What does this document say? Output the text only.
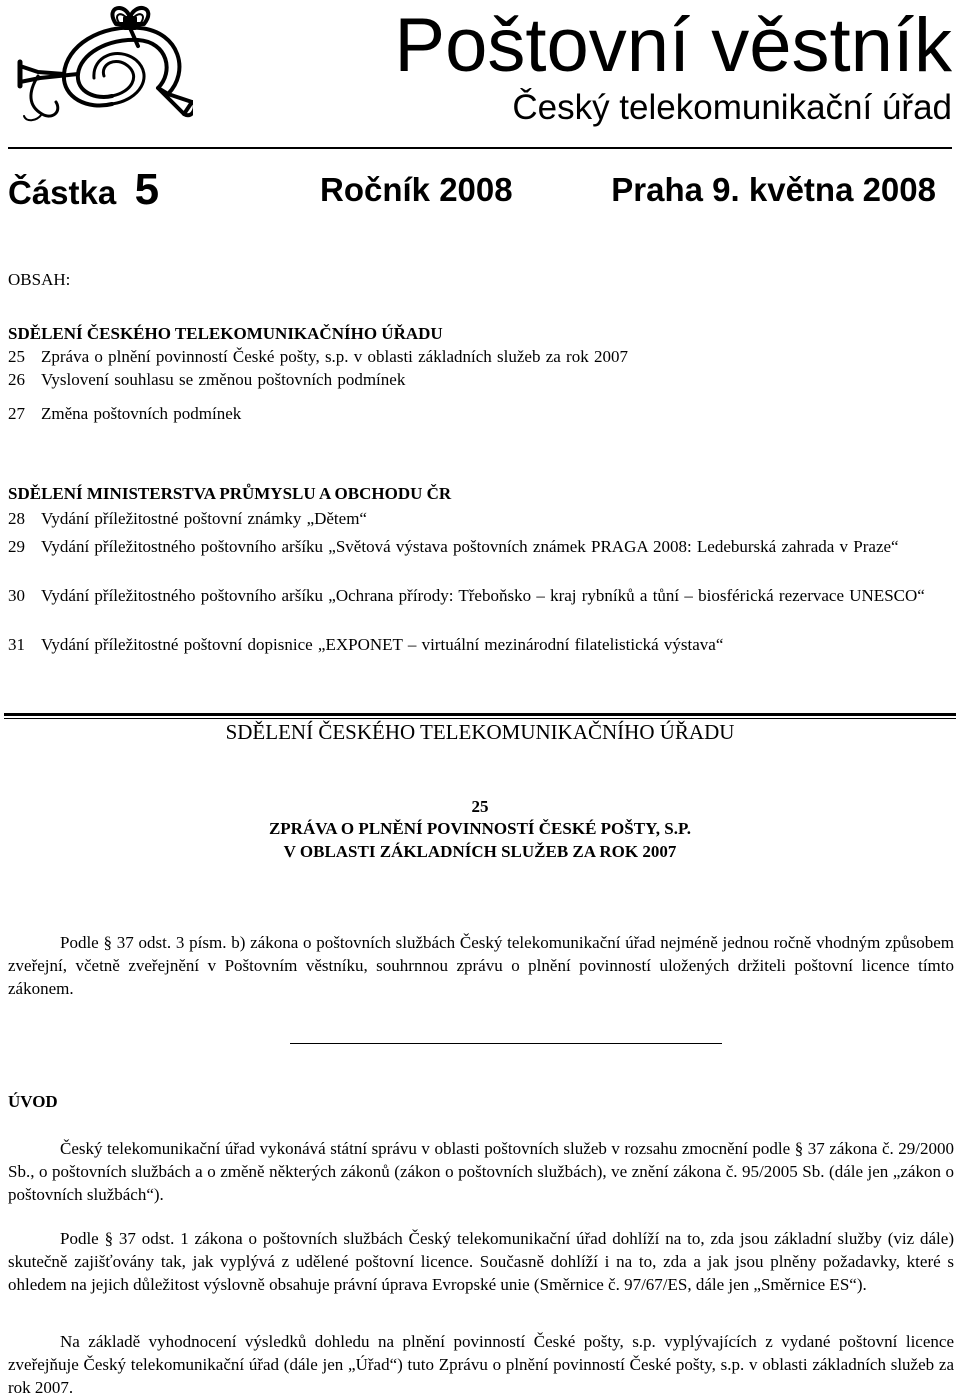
Poštovní věstník
Český telekomunikační úřad
Částka 5	Ročník 2008	Praha 9. května 2008
OBSAH:
SDĚLENÍ ČESKÉHO TELEKOMUNIKAČNÍHO ÚŘADU
25 Zpráva o plnění povinností České pošty, s.p. v oblasti základních služeb za rok 2007
26 Vyslovení souhlasu se změnou poštovních podmínek
27 Změna poštovních podmínek
SDĚLENÍ MINISTERSTVA PRŮMYSLU A OBCHODU ČR
28 Vydání příležitostné poštovní známky „Dětem“
29 Vydání příležitostného poštovního aršíku „Světová výstava poštovních známek PRAGA 2008: Ledeburská zahrada v Praze“
30 Vydání příležitostného poštovního aršíku „Ochrana přírody: Třeboňsko – kraj rybníků a tůní – biosférická rezervace UNESCO“
31 Vydání příležitostné poštovní dopisnice „EXPONET – virtuální mezinárodní filatelistická výstava“
SDĚLENÍ ČESKÉHO TELEKOMUNIKAČNÍHO ÚŘADU
25
ZPRÁVA O PLNĚNÍ POVINNOSTÍ ČESKÉ POŠTY, S.P.
V OBLASTI ZÁKLADNÍCH SLUŽEB ZA ROK 2007
Podle § 37 odst. 3 písm. b) zákona o poštovních službách Český telekomunikační úřad nejméně jednou ročně vhodným způsobem zveřejní, včetně zveřejnění v Poštovním věstníku, souhrnnou zprávu o plnění povinností uložených držiteli poštovní licence tímto zákonem.
ÚVOD
Český telekomunikační úřad vykonává státní správu v oblasti poštovních služeb v rozsahu zmocnění podle § 37 zákona č. 29/2000 Sb., o poštovních službách a o změně některých zákonů (zákon o poštovních službách), ve znění zákona č. 95/2005 Sb. (dále jen „zákon o poštovních službách“).
Podle § 37 odst. 1 zákona o poštovních službách Český telekomunikační úřad dohlíží na to, zda jsou základní služby (viz dále) skutečně zajišťovány tak, jak vyplývá z udělené poštovní licence. Současně dohlíží i na to, zda a jak jsou plněny požadavky, které s ohledem na jejich důležitost výslovně obsahuje právní úprava Evropské unie (Směrnice č. 97/67/ES, dále jen „Směrnice ES“).
Na základě vyhodnocení výsledků dohledu na plnění povinností České pošty, s.p. vyplývajících z vydané poštovní licence zveřejňuje Český telekomunikační úřad (dále jen „Úřad“) tuto Zprávu o plnění povinností České pošty, s.p. v oblasti základních služeb za rok 2007.
